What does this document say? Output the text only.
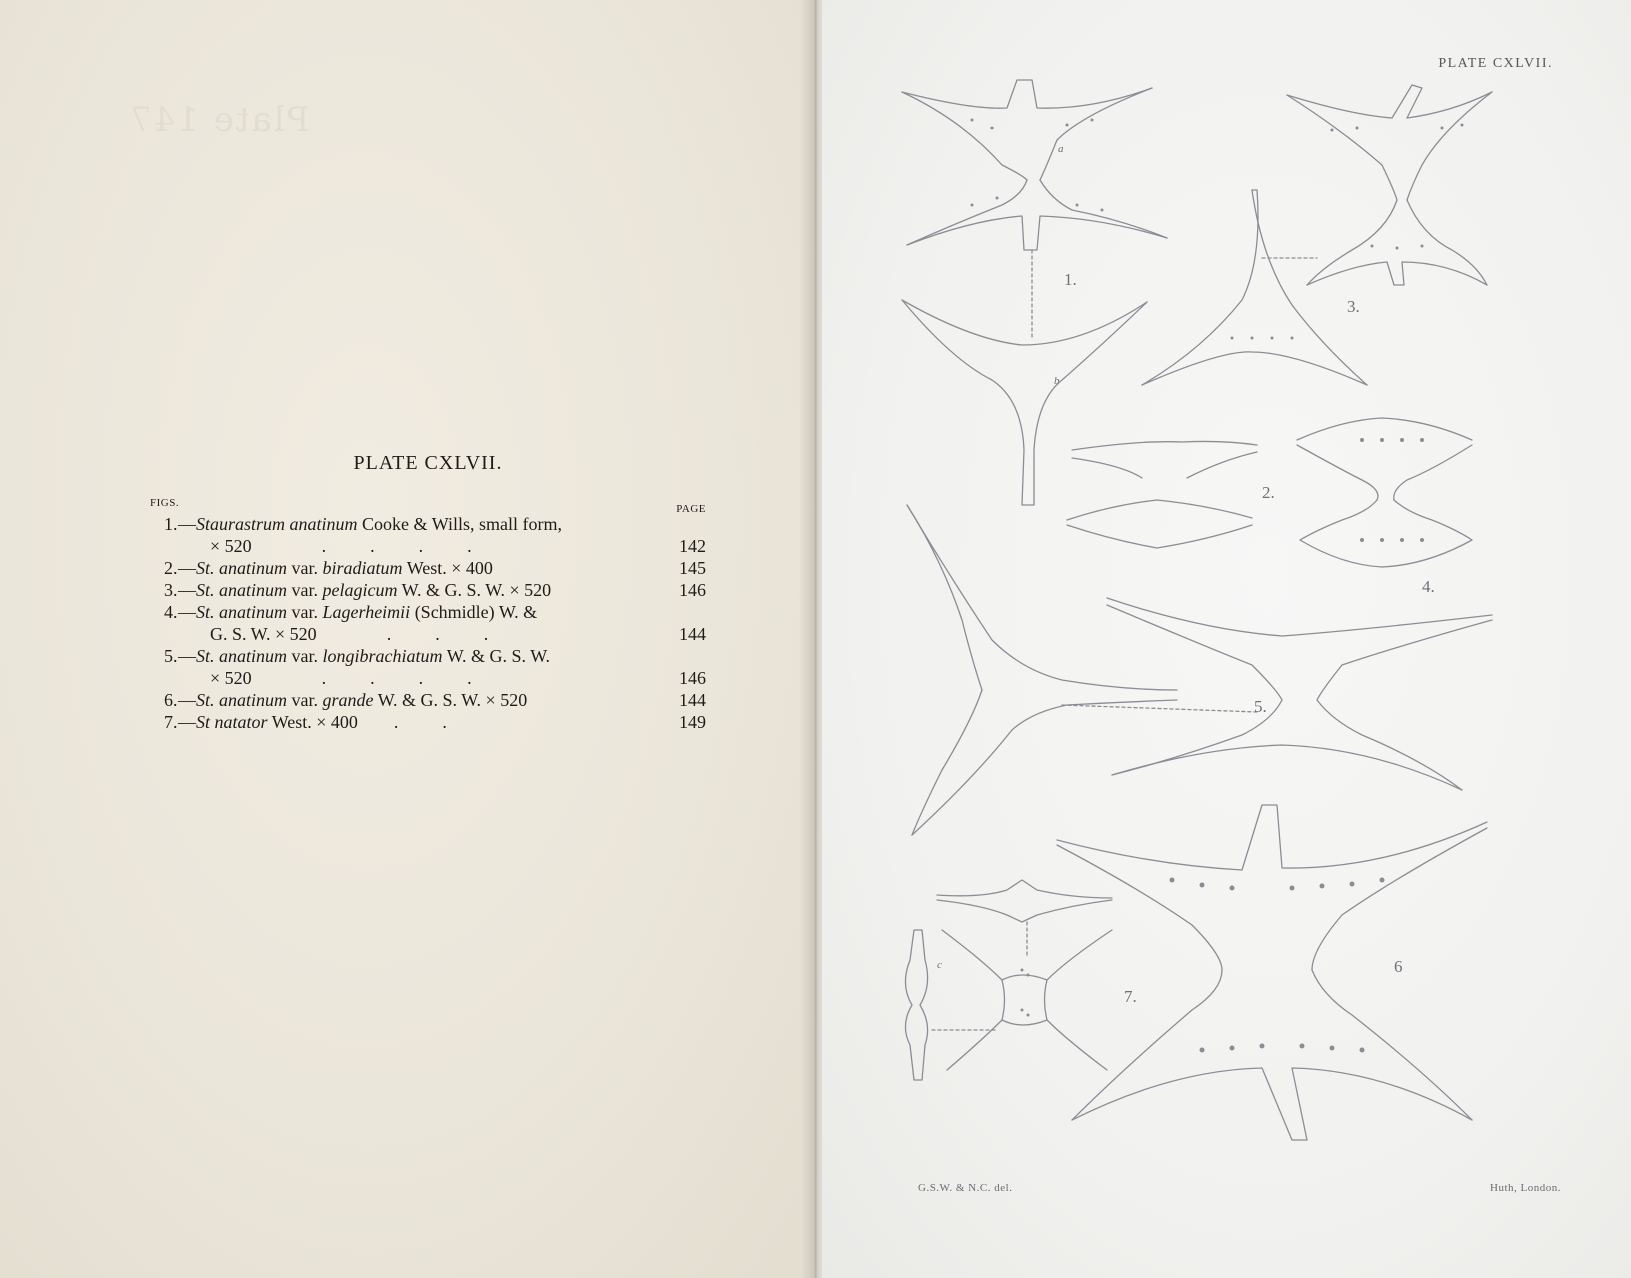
Plate 147
PLATE CXLVII.
FIGS.	PAGE
1.—Staurastrum anatinum Cooke & Wills, small form,
× 520	....	142
2.—St. anatinum var. biradiatum West. × 400	145
3.—St. anatinum var. pelagicum W. & G. S. W. × 520	146
4.—St. anatinum var. Lagerheimii (Schmidle) W. &
G. S. W. × 520	...	144
5.—St. anatinum var. longibrachiatum W. & G. S. W.
× 520	....	146
6.—St. anatinum var. grande W. & G. S. W. × 520	144
7.—St natator West. × 400 ..	149
PLATE CXLVII.
1.
2.
3.
4.
5.
6
7.
a
b
c
G.S.W. & N.C. del.	Huth, London.
